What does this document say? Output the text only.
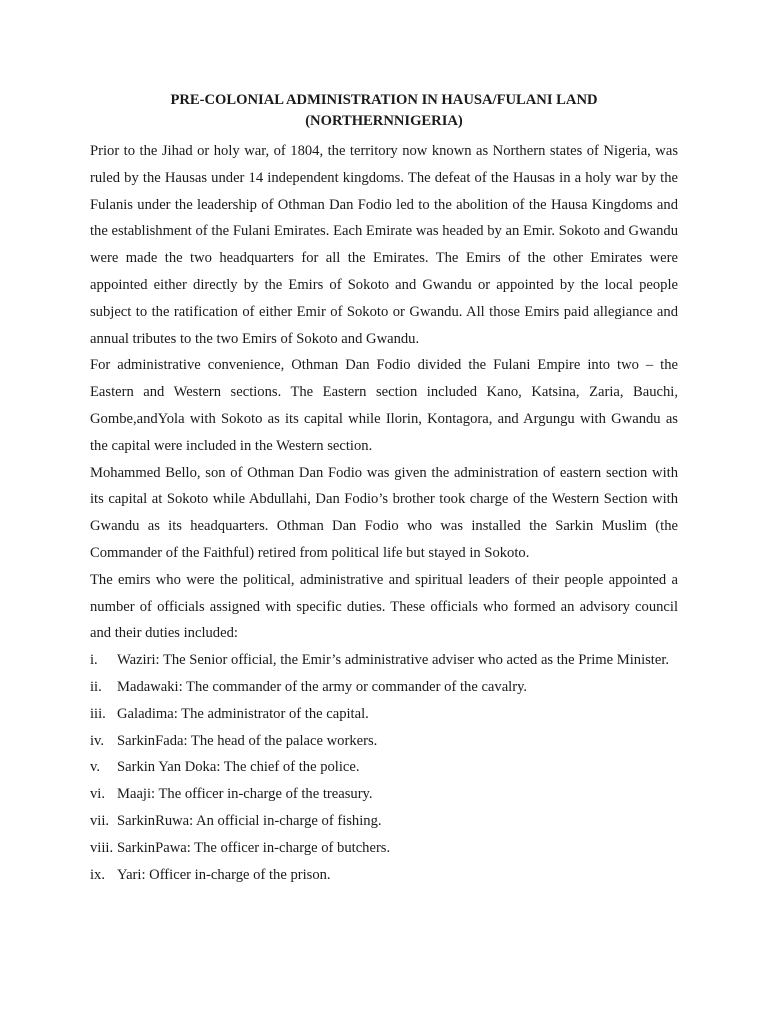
PRE-COLONIAL ADMINISTRATION IN HAUSA/FULANI LAND
(NORTHERNNIGERIA)

Prior to the Jihad or holy war, of 1804, the territory now known as Northern states of Nigeria, was ruled by the Hausas under 14 independent kingdoms. The defeat of the Hausas in a holy war by the Fulanis under the leadership of Othman Dan Fodio led to the abolition of the Hausa Kingdoms and the establishment of the Fulani Emirates. Each Emirate was headed by an Emir. Sokoto and Gwandu were made the two headquarters for all the Emirates. The Emirs of the other Emirates were appointed either directly by the Emirs of Sokoto and Gwandu or appointed by the local people subject to the ratification of either Emir of Sokoto or Gwandu. All those Emirs paid allegiance and annual tributes to the two Emirs of Sokoto and Gwandu.

For administrative convenience, Othman Dan Fodio divided the Fulani Empire into two – the Eastern and Western sections. The Eastern section included Kano, Katsina, Zaria, Bauchi, Gombe,andYola with Sokoto as its capital while Ilorin, Kontagora, and Argungu with Gwandu as the capital were included in the Western section.

Mohammed Bello, son of Othman Dan Fodio was given the administration of eastern section with its capital at Sokoto while Abdullahi, Dan Fodio’s brother took charge of the Western Section with Gwandu as its headquarters. Othman Dan Fodio who was installed the Sarkin Muslim (the Commander of the Faithful) retired from political life but stayed in Sokoto.

The emirs who were the political, administrative and spiritual leaders of their people appointed a number of officials assigned with specific duties. These officials who formed an advisory council and their duties included:

i. Waziri: The Senior official, the Emir’s administrative adviser who acted as the Prime Minister.
ii. Madawaki: The commander of the army or commander of the cavalry.
iii. Galadima: The administrator of the capital.
iv. SarkinFada: The head of the palace workers.
v. Sarkin Yan Doka: The chief of the police.
vi. Maaji: The officer in-charge of the treasury.
vii. SarkinRuwa: An official in-charge of fishing.
viii. SarkinPawa: The officer in-charge of butchers.
ix. Yari: Officer in-charge of the prison.
